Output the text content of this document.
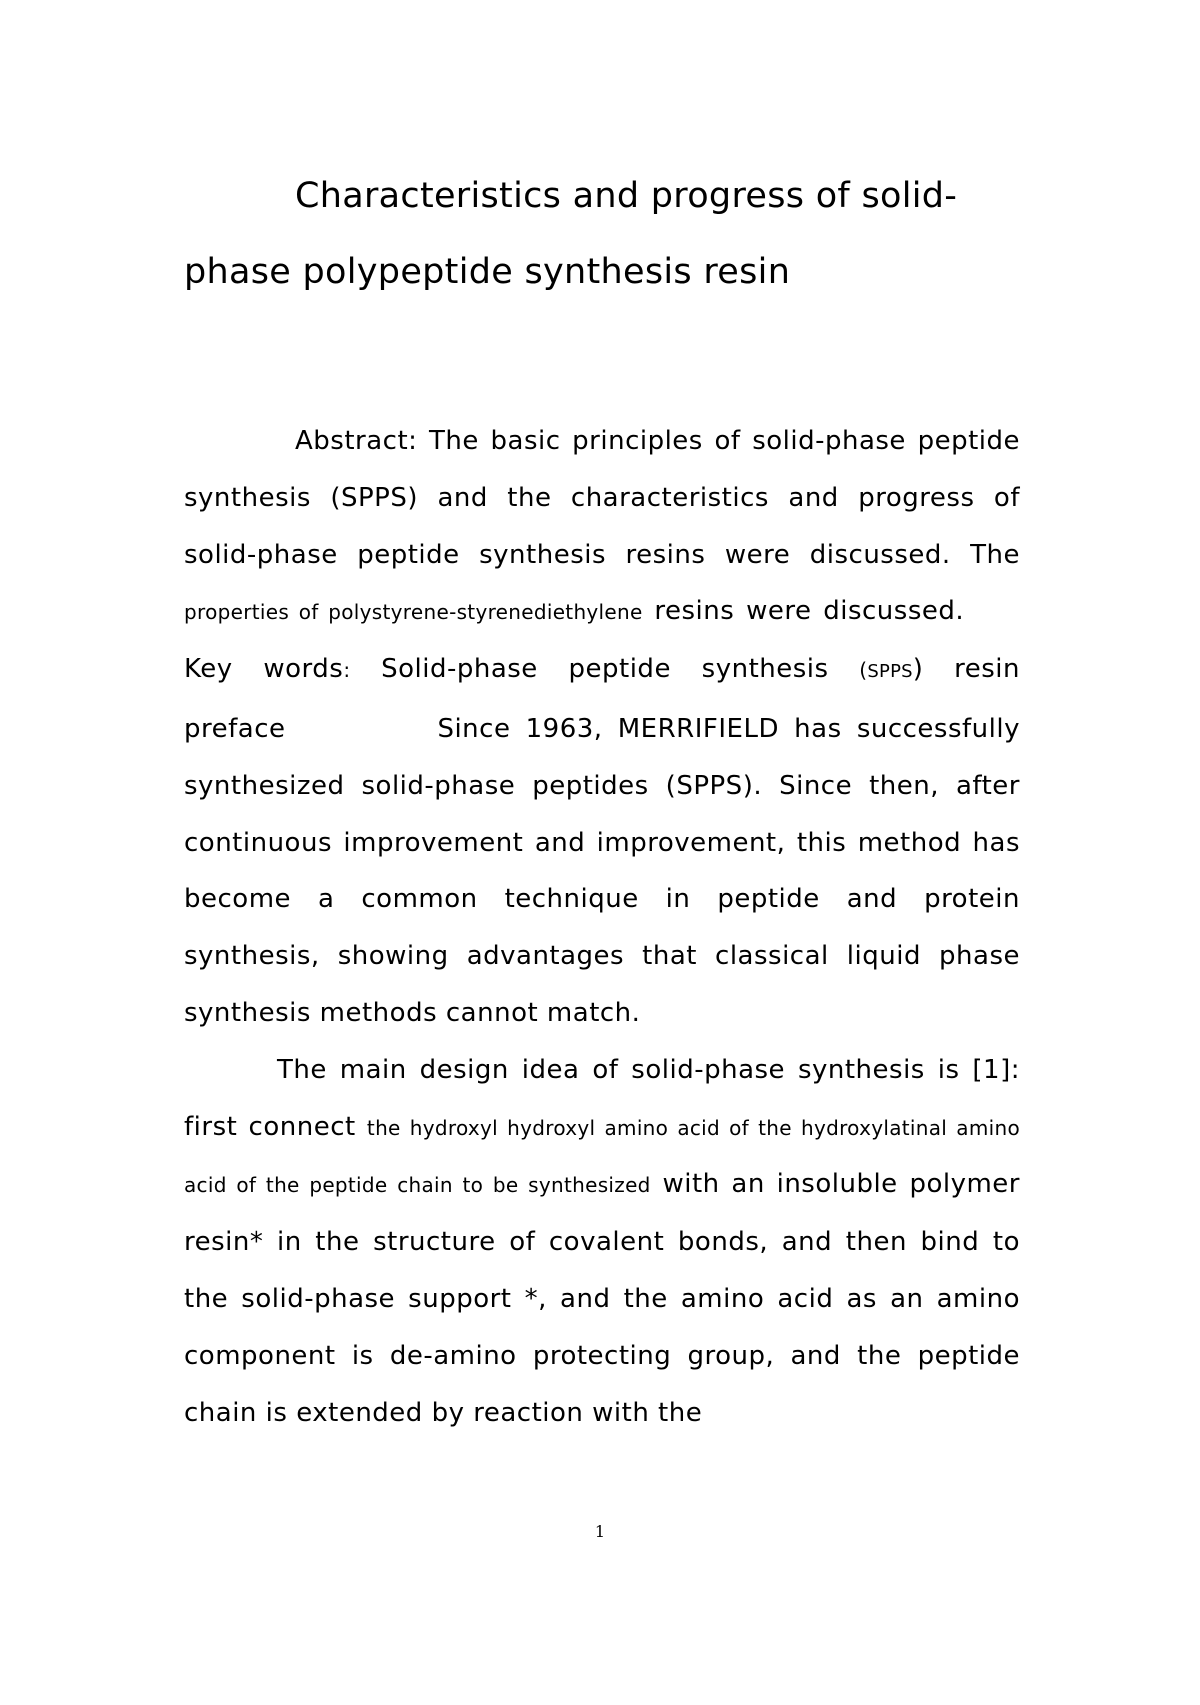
Characteristics and progress of solid-phase polypeptide synthesis resin

Abstract: The basic principles of solid-phase peptide synthesis (SPPS) and the characteristics and progress of solid-phase peptide synthesis resins were discussed. The properties of polystyrene-styrenediethylene resins were discussed.      Key words: Solid-phase peptide synthesis (SPPS) resin preface	Since 1963, MERRIFIELD has successfully synthesized solid-phase peptides (SPPS). Since then, after continuous improvement and improvement, this method has become a common technique in peptide and protein synthesis, showing advantages that classical liquid phase synthesis methods cannot match.

The main design idea of solid-phase synthesis is [1]: first connect the hydroxyl hydroxyl amino acid of the hydroxylatinal amino acid of the peptide chain to be synthesized with an insoluble polymer resin* in the structure of covalent bonds, and then bind to the solid-phase support *, and the amino acid as an amino component is de-amino protecting group, and the peptide chain is extended by reaction with the

1
